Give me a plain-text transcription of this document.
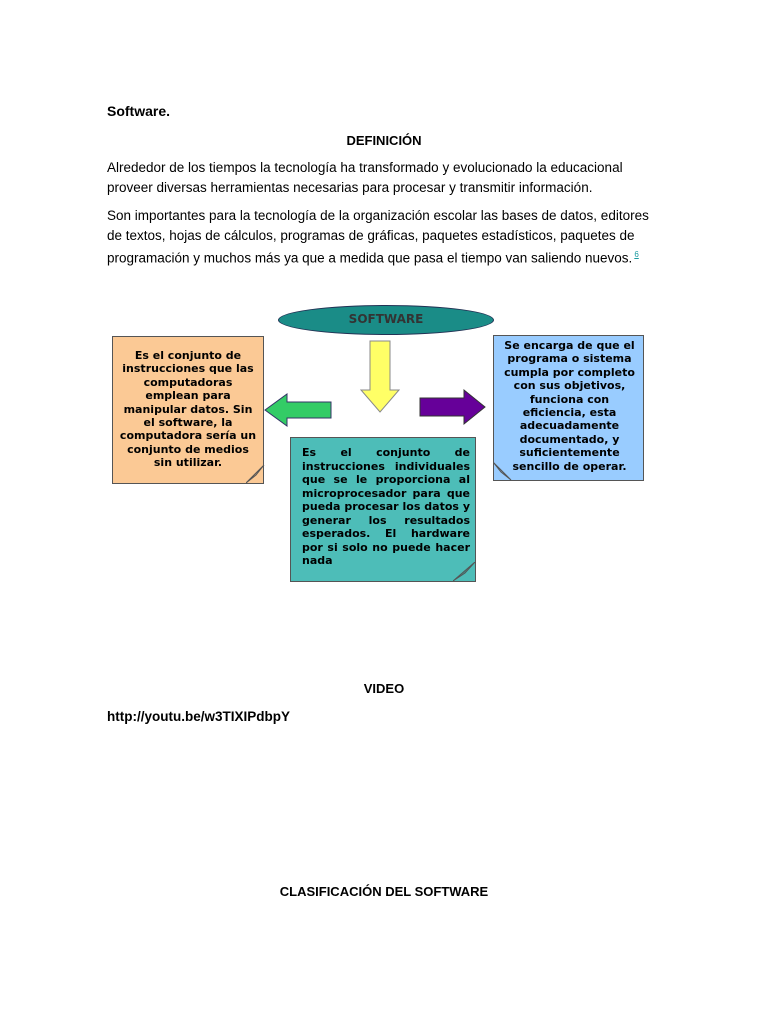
Software.
DEFINICIÓN
Alrededor de los tiempos la tecnología ha transformado y evolucionado la educacional proveer diversas herramientas necesarias para procesar y transmitir información.
Son importantes para la tecnología de la organización escolar las bases de datos, editores de textos, hojas de cálculos, programas de gráficas, paquetes estadísticos, paquetes de programación y muchos más ya que a medida que pasa el tiempo van saliendo nuevos. $^6$
SOFTWARE
Es el conjunto de instrucciones que las computadoras emplean para manipular datos. Sin el software, la computadora sería un conjunto de medios sin utilizar.
Se encarga de que el programa o sistema cumpla por completo con sus objetivos, funciona con eficiencia, esta adecuadamente documentado, y suficientemente sencillo de operar.
Es el conjunto de instrucciones individuales que se le proporciona al microprocesador para que pueda procesar los datos y generar los resultados esperados. El hardware por si solo no puede hacer nada
VIDEO
http://youtu.be/w3TIXIPdbpY
CLASIFICACIÓN DEL SOFTWARE
